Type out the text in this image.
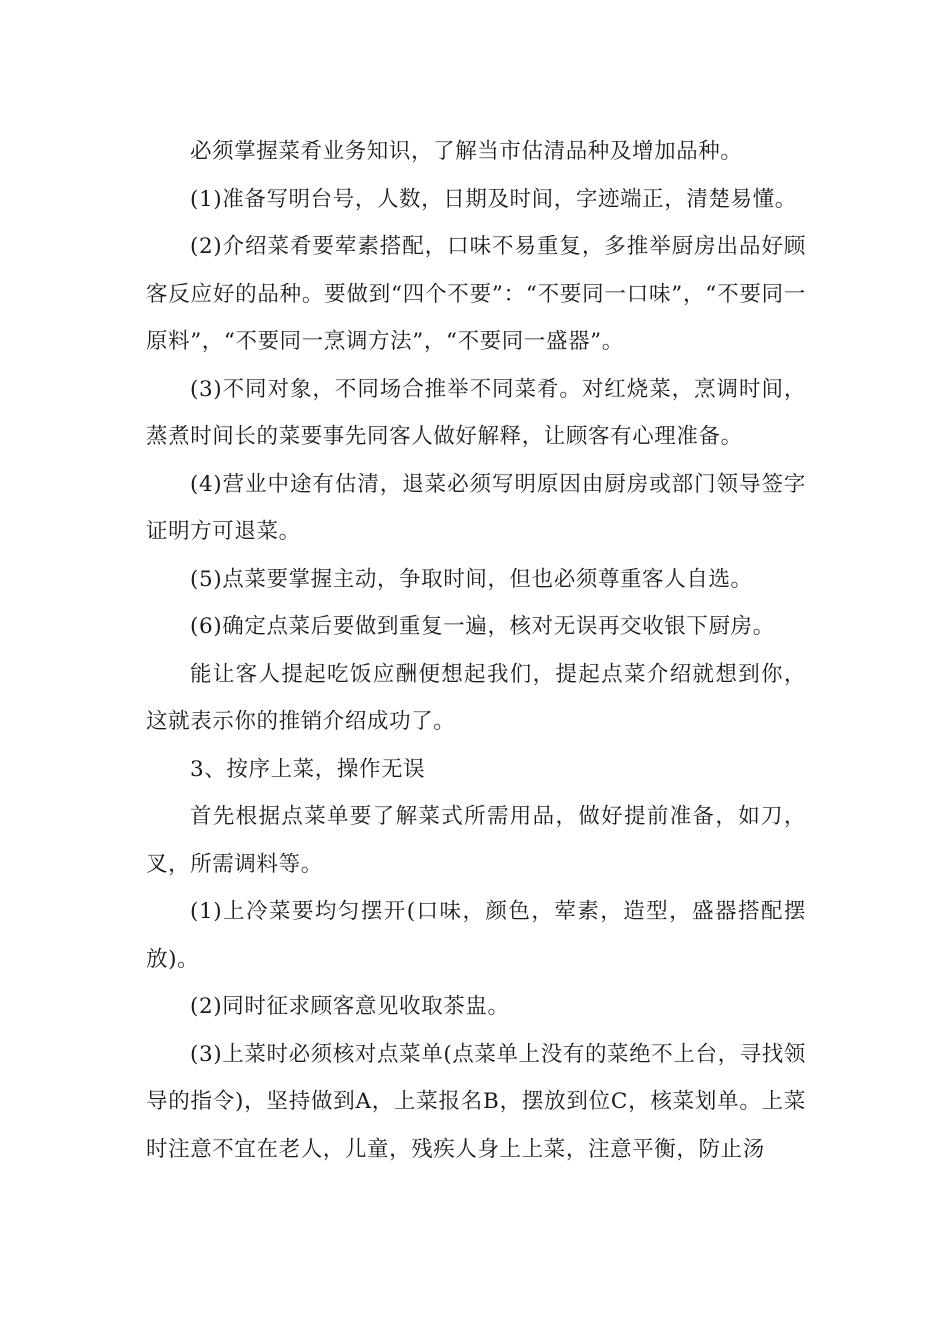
必须掌握菜肴业务知识，了解当市估清品种及增加品种。

(1)准备写明台号，人数，日期及时间，字迹端正，清楚易懂。

(2)介绍菜肴要荤素搭配，口味不易重复，多推举厨房出品好顾客反应好的品种。要做到“四个不要”：“不要同一口味”，“不要同一原料”，“不要同一烹调方法”，“不要同一盛器”。

(3)不同对象，不同场合推举不同菜肴。对红烧菜，烹调时间，蒸煮时间长的菜要事先同客人做好解释，让顾客有心理准备。

(4)营业中途有估清，退菜必须写明原因由厨房或部门领导签字证明方可退菜。

(5)点菜要掌握主动，争取时间，但也必须尊重客人自选。

(6)确定点菜后要做到重复一遍，核对无误再交收银下厨房。

能让客人提起吃饭应酬便想起我们，提起点菜介绍就想到你，这就表示你的推销介绍成功了。

3、按序上菜，操作无误

首先根据点菜单要了解菜式所需用品，做好提前准备，如刀，叉，所需调料等。

(1)上冷菜要均匀摆开(口味，颜色，荤素，造型，盛器搭配摆放)。

(2)同时征求顾客意见收取茶盅。

(3)上菜时必须核对点菜单(点菜单上没有的菜绝不上台，寻找领导的指令)，坚持做到A，上菜报名B，摆放到位C，核菜划单。上菜时注意不宜在老人，儿童，残疾人身上上菜，注意平衡，防止汤
